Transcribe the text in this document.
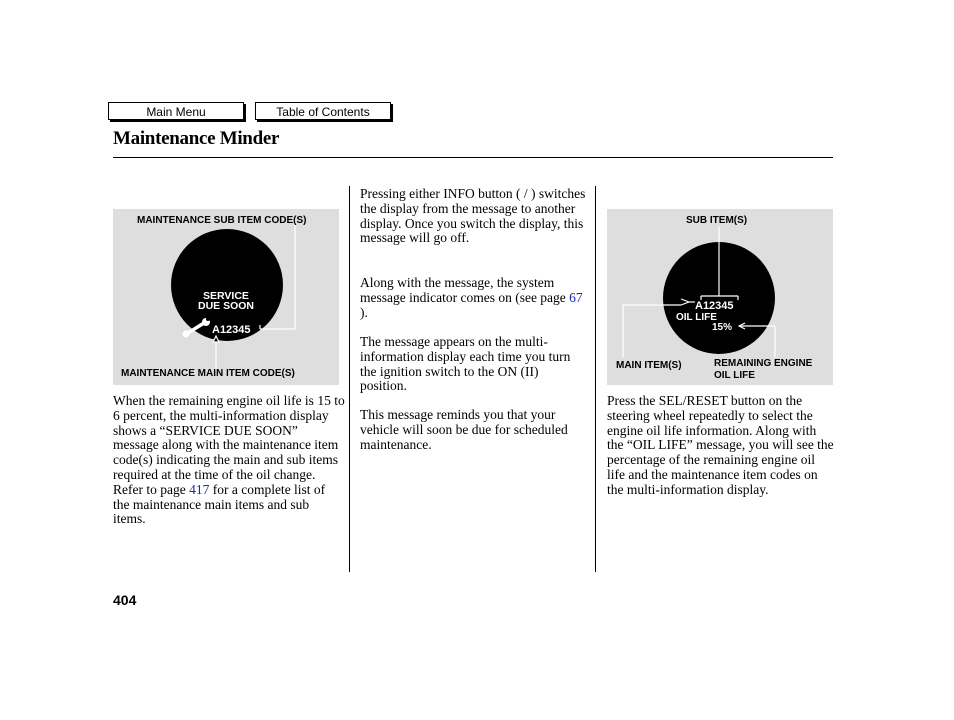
Main Menu	Table of Contents
Maintenance Minder
SERVICE
DUE SOON
A12345
MAINTENANCE SUB ITEM CODE(S)
MAINTENANCE MAIN ITEM CODE(S)
A12345
OIL LIFE
15%
SUB ITEM(S)
MAIN ITEM(S)	REMAINING ENGINE
OIL LIFE
When the remaining engine oil life is 15 to 6 percent, the multi-information display shows a “SERVICE DUE SOON” message along with the maintenance item code(s) indicating the main and sub items required at the time of the oil change. Refer to page 417 for a complete list of the maintenance main items and sub items.
Pressing either INFO button ( / ) switches the display from the message to another display. Once you switch the display, this message will go off.
Along with the message, the system message indicator comes on (see page 67 ).
The message appears on the multi-information display each time you turn the ignition switch to the ON (II) position.
This message reminds you that your vehicle will soon be due for scheduled maintenance.
Press the SEL/RESET button on the steering wheel repeatedly to select the engine oil life information. Along with the “OIL LIFE” message, you will see the percentage of the remaining engine oil life and the maintenance item codes on the multi-information display.
404
